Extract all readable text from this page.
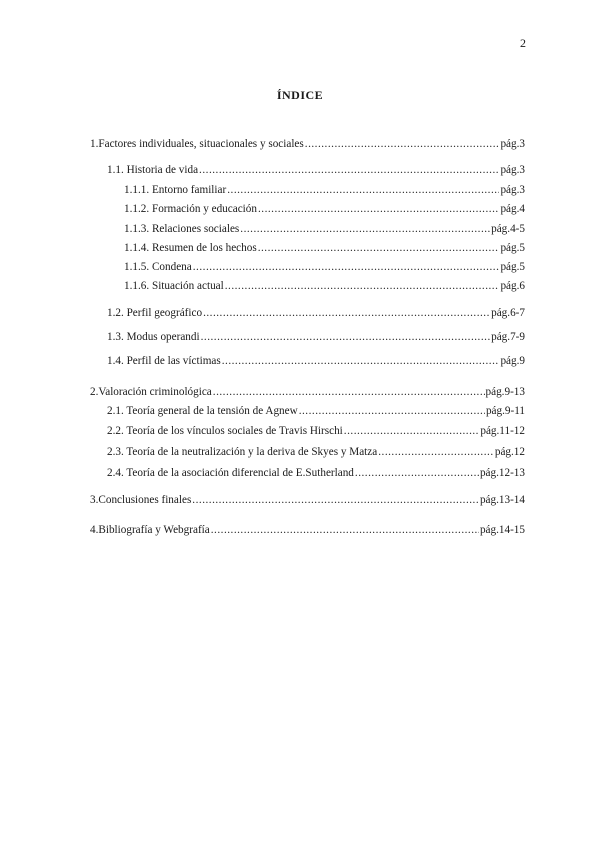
2
ÍNDICE
1. Factores individuales, situacionales y sociales .....	pág.3
1.1. Historia de vida .....	pág.3
1.1.1. Entorno familiar .....	pág.3
1.1.2. Formación y educación .....	pág.4
1.1.3. Relaciones sociales .....	pág.4-5
1.1.4. Resumen de los hechos .....	pág.5
1.1.5. Condena .....	pág.5
1.1.6. Situación actual .....	pág.6
1.2. Perfil geográfico .....	pág.6-7
1.3. Modus operandi .....	pág.7-9
1.4. Perfil de las víctimas .....	pág.9
2. Valoración criminológica .....	pág.9-13
2.1. Teoría general de la tensión de Agnew .....	pág.9-11
2.2. Teoría de los vínculos sociales de Travis Hirschi .....	pág.11-12
2.3. Teoría de la neutralización y la deriva de Skyes y Matza .....	pág.12
2.4. Teoría de la asociación diferencial de E.Sutherland .....	pág.12-13
3. Conclusiones finales .....	pág.13-14
4. Bibliografía y Webgrafía .....	pág.14-15
